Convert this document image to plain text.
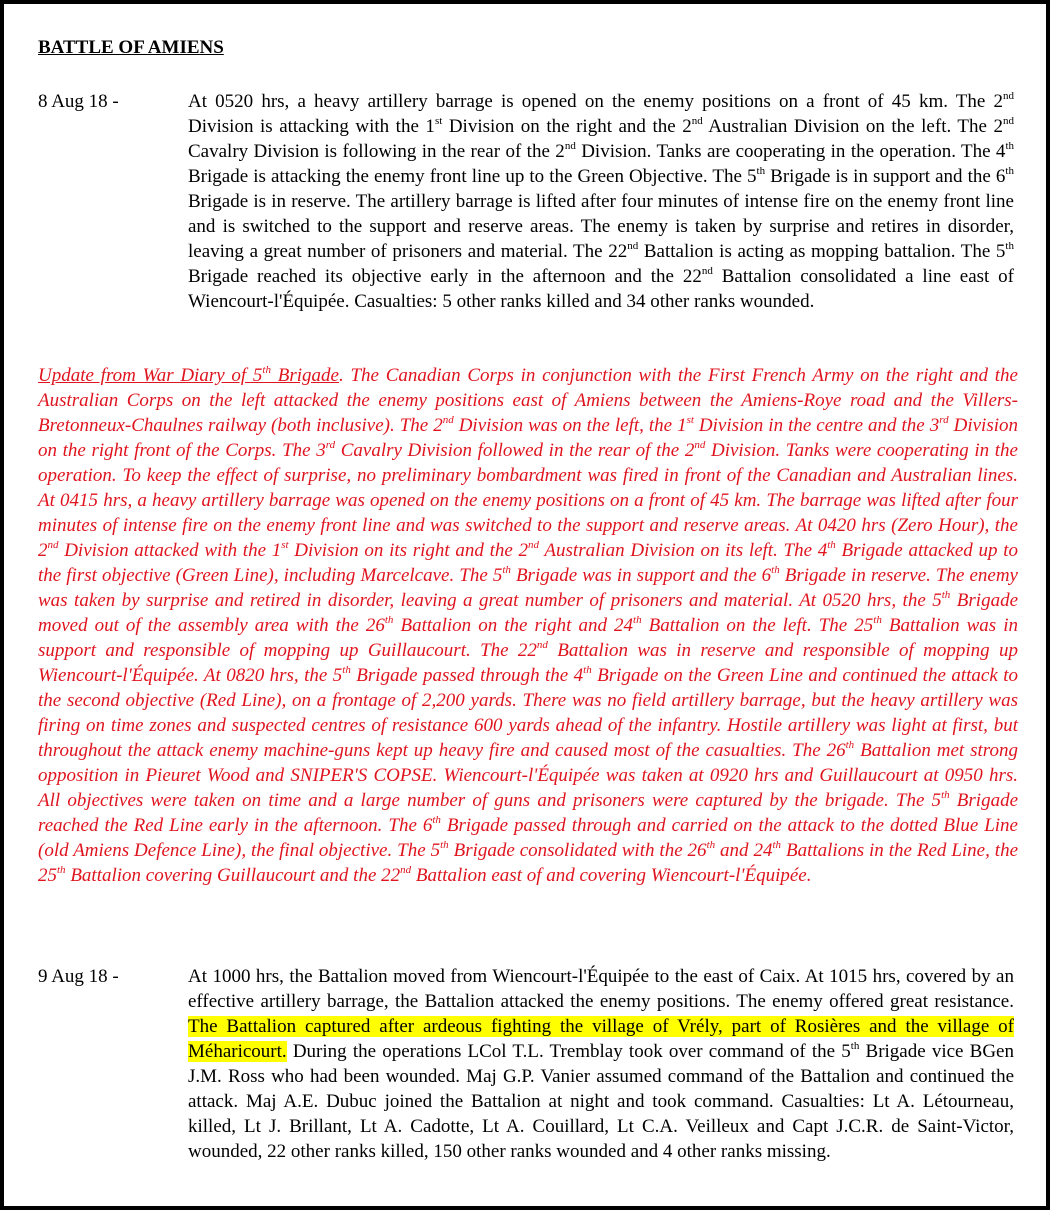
BATTLE OF AMIENS
8 Aug 18 -	At 0520 hrs, a heavy artillery barrage is opened on the enemy positions on a front of 45 km. The 2nd Division is attacking with the 1st Division on the right and the 2nd Australian Division on the left. The 2nd Cavalry Division is following in the rear of the 2nd Division. Tanks are cooperating in the operation. The 4th Brigade is attacking the enemy front line up to the Green Objective. The 5th Brigade is in support and the 6th Brigade is in reserve. The artillery barrage is lifted after four minutes of intense fire on the enemy front line and is switched to the support and reserve areas. The enemy is taken by surprise and retires in disorder, leaving a great number of prisoners and material. The 22nd Battalion is acting as mopping battalion. The 5th Brigade reached its objective early in the afternoon and the 22nd Battalion consolidated a line east of Wiencourt-l'Équipée. Casualties: 5 other ranks killed and 34 other ranks wounded.

Update from War Diary of 5th Brigade. The Canadian Corps in conjunction with the First French Army on the right and the Australian Corps on the left attacked the enemy positions east of Amiens between the Amiens-Roye road and the Villers-Bretonneux-Chaulnes railway (both inclusive). The 2nd Division was on the left, the 1st Division in the centre and the 3rd Division on the right front of the Corps. The 3rd Cavalry Division followed in the rear of the 2nd Division. Tanks were cooperating in the operation. To keep the effect of surprise, no preliminary bombardment was fired in front of the Canadian and Australian lines. At 0415 hrs, a heavy artillery barrage was opened on the enemy positions on a front of 45 km. The barrage was lifted after four minutes of intense fire on the enemy front line and was switched to the support and reserve areas. At 0420 hrs (Zero Hour), the 2nd Division attacked with the 1st Division on its right and the 2nd Australian Division on its left. The 4th Brigade attacked up to the first objective (Green Line), including Marcelcave. The 5th Brigade was in support and the 6th Brigade in reserve. The enemy was taken by surprise and retired in disorder, leaving a great number of prisoners and material. At 0520 hrs, the 5th Brigade moved out of the assembly area with the 26th Battalion on the right and 24th Battalion on the left. The 25th Battalion was in support and responsible of mopping up Guillaucourt. The 22nd Battalion was in reserve and responsible of mopping up Wiencourt-l'Équipée. At 0820 hrs, the 5th Brigade passed through the 4th Brigade on the Green Line and continued the attack to the second objective (Red Line), on a frontage of 2,200 yards. There was no field artillery barrage, but the heavy artillery was firing on time zones and suspected centres of resistance 600 yards ahead of the infantry. Hostile artillery was light at first, but throughout the attack enemy machine-guns kept up heavy fire and caused most of the casualties. The 26th Battalion met strong opposition in Pieuret Wood and SNIPER'S COPSE. Wiencourt-l'Équipée was taken at 0920 hrs and Guillaucourt at 0950 hrs. All objectives were taken on time and a large number of guns and prisoners were captured by the brigade. The 5th Brigade reached the Red Line early in the afternoon. The 6th Brigade passed through and carried on the attack to the dotted Blue Line (old Amiens Defence Line), the final objective. The 5th Brigade consolidated with the 26th and 24th Battalions in the Red Line, the 25th Battalion covering Guillaucourt and the 22nd Battalion east of and covering Wiencourt-l'Équipée.

9 Aug 18 -	At 1000 hrs, the Battalion moved from Wiencourt-l'Équipée to the east of Caix. At 1015 hrs, covered by an effective artillery barrage, the Battalion attacked the enemy positions. The enemy offered great resistance. The Battalion captured after ardeous fighting the village of Vrély, part of Rosières and the village of Méharicourt. During the operations LCol T.L. Tremblay took over command of the 5th Brigade vice BGen J.M. Ross who had been wounded. Maj G.P. Vanier assumed command of the Battalion and continued the attack. Maj A.E. Dubuc joined the Battalion at night and took command. Casualties: Lt A. Létourneau, killed, Lt J. Brillant, Lt A. Cadotte, Lt A. Couillard, Lt C.A. Veilleux and Capt J.C.R. de Saint-Victor, wounded, 22 other ranks killed, 150 other ranks wounded and 4 other ranks missing.
